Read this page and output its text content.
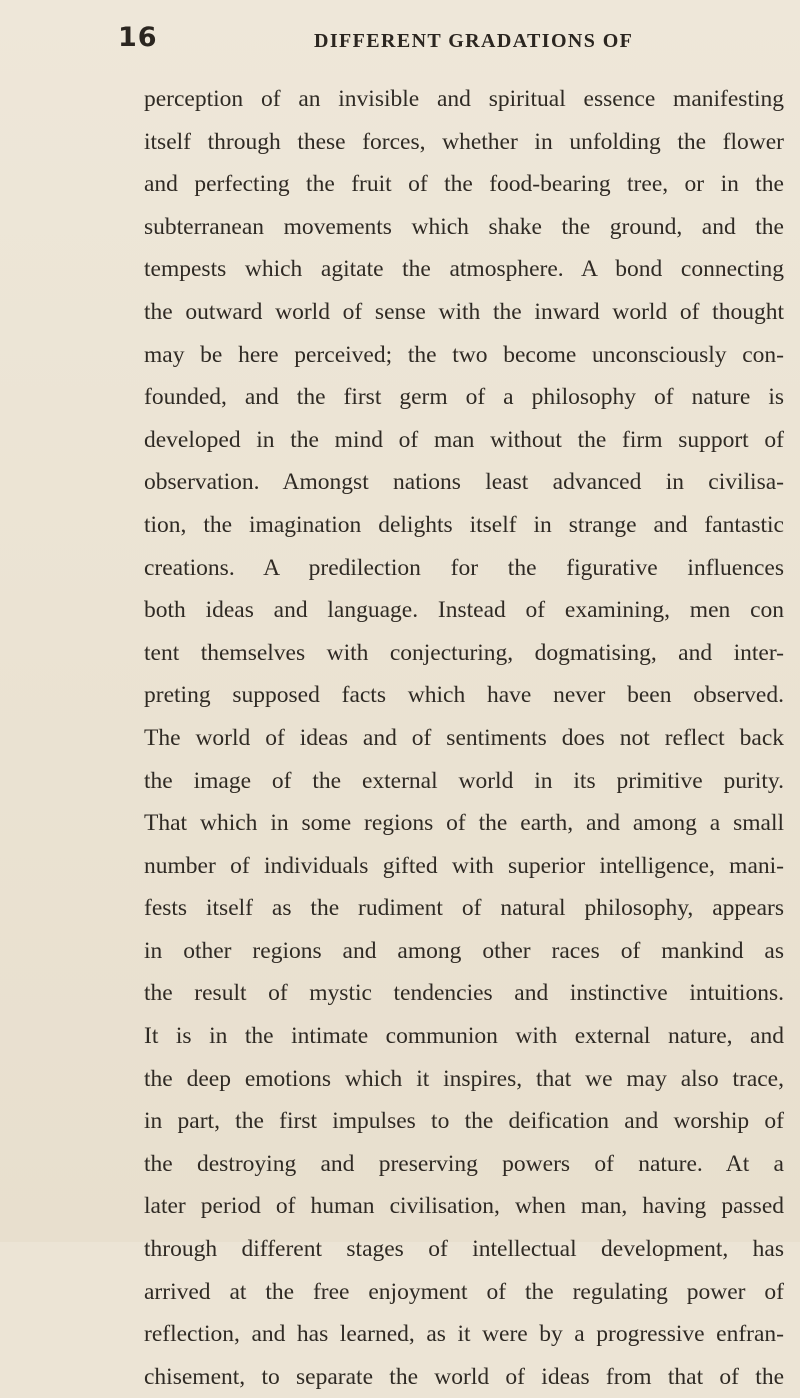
16	DIFFERENT GRADATIONS OF
perception of an invisible and spiritual essence manifesting
itself through these forces, whether in unfolding the flower
and perfecting the fruit of the food-bearing tree, or in the
subterranean movements which shake the ground, and the
tempests which agitate the atmosphere. A bond connecting
the outward world of sense with the inward world of thought
may be here perceived; the two become unconsciously con-
founded, and the first germ of a philosophy of nature is
developed in the mind of man without the firm support of
observation. Amongst nations least advanced in civilisa-
tion, the imagination delights itself in strange and fantastic
creations. A predilection for the figurative influences
both ideas and language. Instead of examining, men con
tent themselves with conjecturing, dogmatising, and inter-
preting supposed facts which have never been observed.
The world of ideas and of sentiments does not reflect back
the image of the external world in its primitive purity.
That which in some regions of the earth, and among a small
number of individuals gifted with superior intelligence, mani-
fests itself as the rudiment of natural philosophy, appears
in other regions and among other races of mankind as
the result of mystic tendencies and instinctive intuitions.
It is in the intimate communion with external nature, and
the deep emotions which it inspires, that we may also trace,
in part, the first impulses to the deification and worship of
the destroying and preserving powers of nature. At a
later period of human civilisation, when man, having passed
through different stages of intellectual development, has
arrived at the free enjoyment of the regulating power of
reflection, and has learned, as it were by a progressive enfran-
chisement, to separate the world of ideas from that of the
